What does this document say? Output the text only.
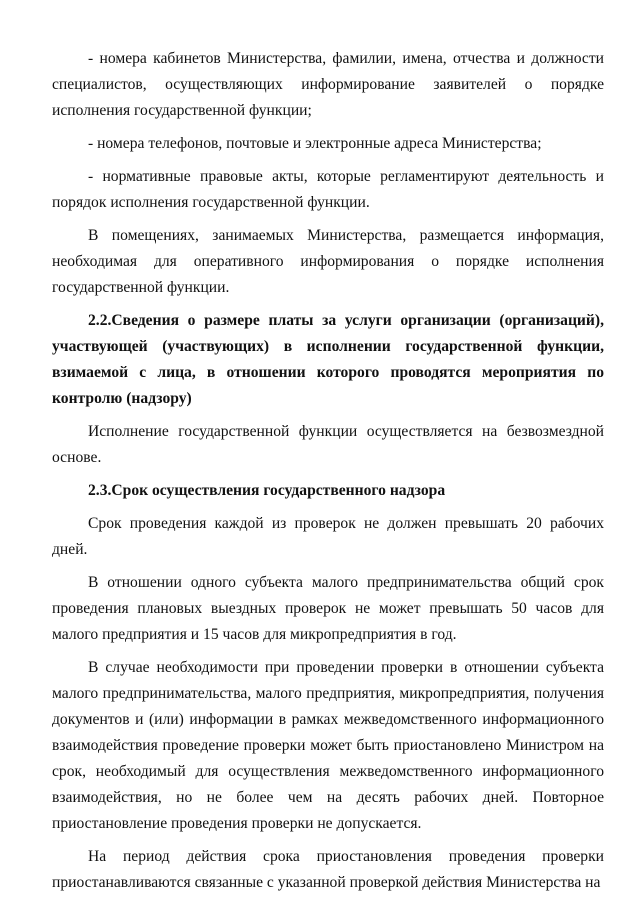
- номера кабинетов Министерства, фамилии, имена, отчества и должности специалистов, осуществляющих информирование заявителей о порядке исполнения государственной функции;

- номера телефонов, почтовые и электронные адреса Министерства;

- нормативные правовые акты, которые регламентируют деятельность и порядок исполнения государственной функции.

В помещениях, занимаемых Министерства, размещается информация, необходимая для оперативного информирования о порядке исполнения государственной функции.

2.2.Сведения о размере платы за услуги организации (организаций), участвующей (участвующих) в исполнении государственной функции, взимаемой с лица, в отношении которого проводятся мероприятия по контролю (надзору)

Исполнение государственной функции осуществляется на безвозмездной основе.

2.3.Срок осуществления государственного надзора

Срок проведения каждой из проверок не должен превышать 20 рабочих дней.

В отношении одного субъекта малого предпринимательства общий срок проведения плановых выездных проверок не может превышать 50 часов для малого предприятия и 15 часов для микропредприятия в год.

В случае необходимости при проведении проверки в отношении субъекта малого предпринимательства, малого предприятия, микропредприятия, получения документов и (или) информации в рамках межведомственного информационного взаимодействия проведение проверки может быть приостановлено Министром на срок, необходимый для осуществления межведомственного информационного взаимодействия, но не более чем на десять рабочих дней. Повторное приостановление проведения проверки не допускается.

На период действия срока приостановления проведения проверки приостанавливаются связанные с указанной проверкой действия Министерства на
